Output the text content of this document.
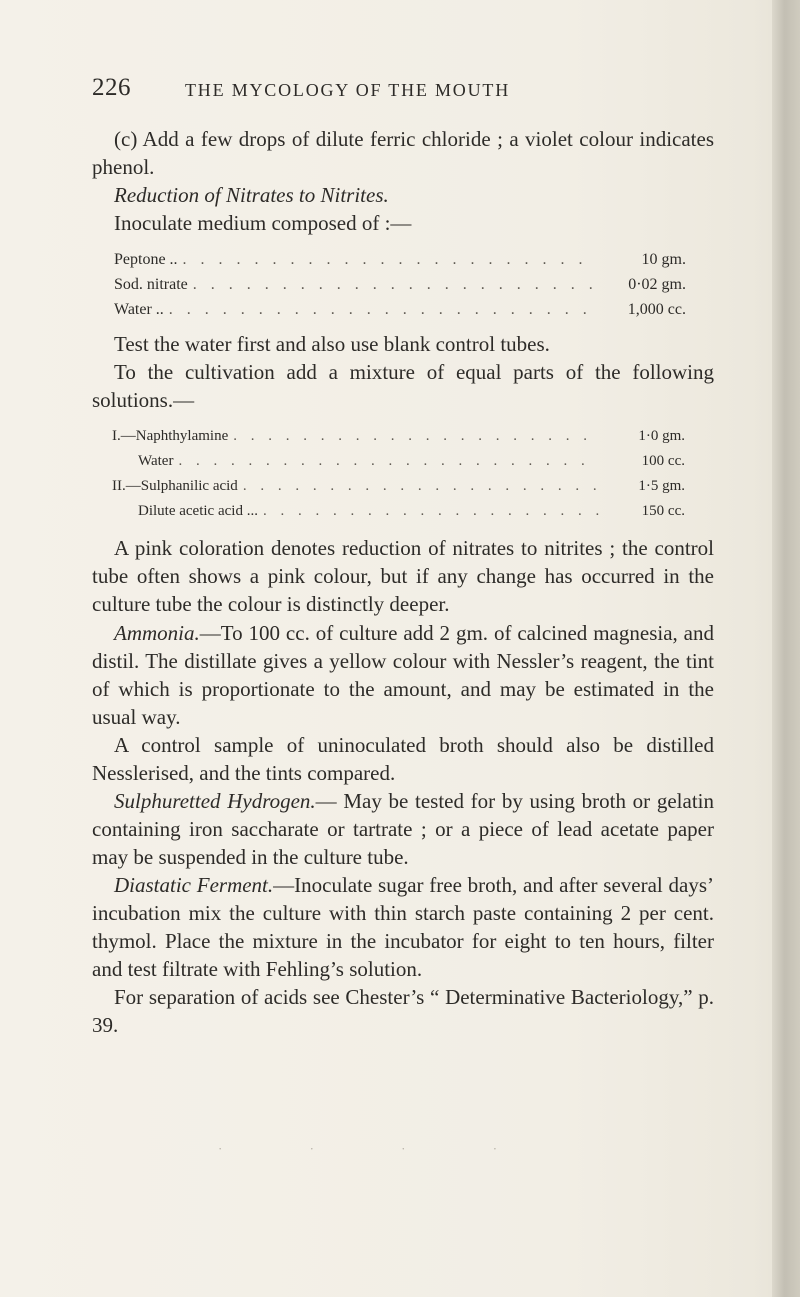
226	THE MYCOLOGY OF THE MOUTH

(c) Add a few drops of dilute ferric chloride ; a violet colour indicates phenol.

Reduction of Nitrates to Nitrites.

Inoculate medium composed of :—

Peptone .. . . .	10 gm.
Sod. nitrate . . .	0·02 gm.
Water .. . . .	1,000 cc.

Test the water first and also use blank control tubes.

To the cultivation add a mixture of equal parts of the following solutions.—

I.—Naphthylamine . . .	1·0 gm.
Water . . .	100 cc.
II.—Sulphanilic acid . . .	1·5 gm.
Dilute acetic acid ... . . .	150 cc.

A pink coloration denotes reduction of nitrates to nitrites ; the control tube often shows a pink colour, but if any change has occurred in the culture tube the colour is distinctly deeper.

Ammonia.—To 100 cc. of culture add 2 gm. of calcined magnesia, and distil. The distillate gives a yellow colour with Nessler’s reagent, the tint of which is proportionate to the amount, and may be estimated in the usual way.

A control sample of uninoculated broth should also be distilled Nesslerised, and the tints compared.

Sulphuretted Hydrogen.— May be tested for by using broth or gelatin containing iron saccharate or tartrate ; or a piece of lead acetate paper may be suspended in the culture tube.

Diastatic Ferment.—Inoculate sugar free broth, and after several days’ incubation mix the culture with thin starch paste containing 2 per cent. thymol. Place the mixture in the incubator for eight to ten hours, filter and test filtrate with Fehling’s solution.

For separation of acids see Chester’s “ Determinative Bacteriology,” p. 39.

· · · ·
